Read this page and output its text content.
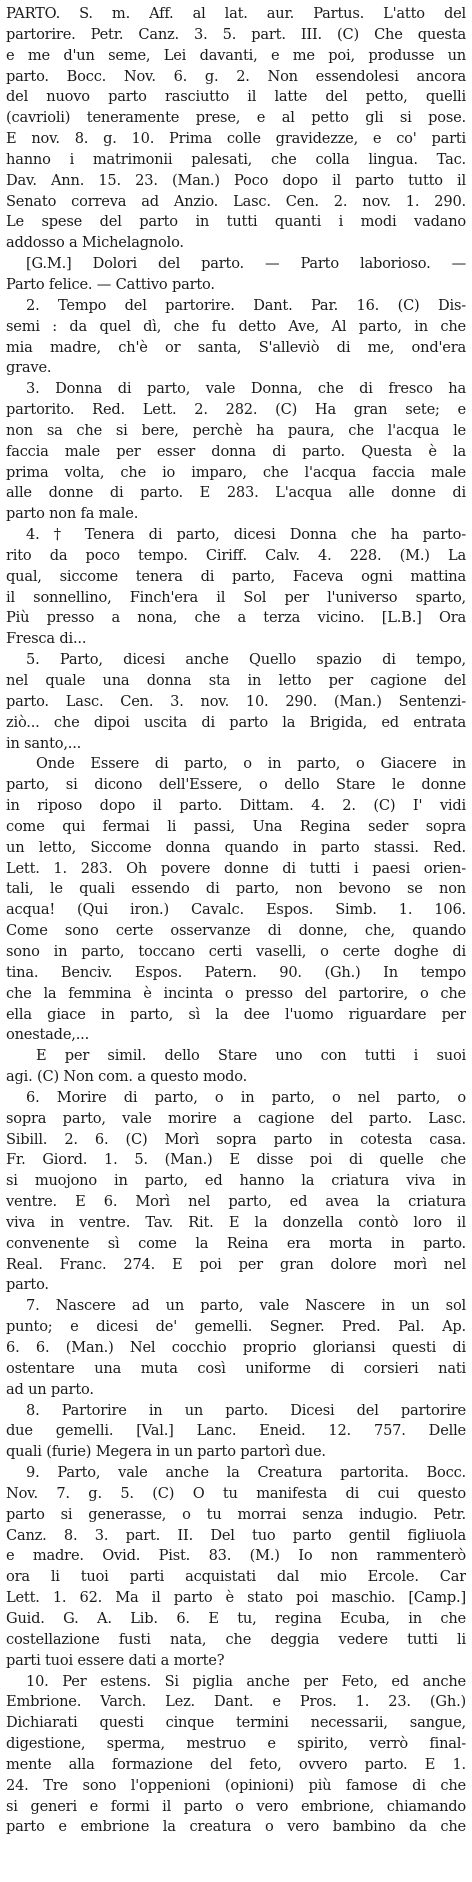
PARTO. S. m. Aff. al lat. aur. Partus. L'atto del
partorire. Petr. Canz. 3. 5. part. III. (C) Che questa
e me d'un seme, Lei davanti, e me poi, produsse un
parto. Bocc. Nov. 6. g. 2. Non essendolesi ancora
del nuovo parto rasciutto il latte del petto, quelli
(cavrioli) teneramente prese, e al petto gli si pose.
E nov. 8. g. 10. Prima colle gravidezze, e co' parti
hanno i matrimonii palesati, che colla lingua. Tac.
Dav. Ann. 15. 23. (Man.) Poco dopo il parto tutto il
Senato correva ad Anzio. Lasc. Cen. 2. nov. 1. 290.
Le spese del parto in tutti quanti i modi vadano
addosso a Michelagnolo.
[G.M.] Dolori del parto. — Parto laborioso. —
Parto felice. — Cattivo parto.
2. Tempo del partorire. Dant. Par. 16. (C) Dis-
semi : da quel dì, che fu detto Ave, Al parto, in che
mia madre, ch'è or santa, S'alleviò di me, ond'era
grave.
3. Donna di parto, vale Donna, che di fresco ha
partorito. Red. Lett. 2. 282. (C) Ha gran sete; e
non sa che si bere, perchè ha paura, che l'acqua le
faccia male per esser donna di parto. Questa è la
prima volta, che io imparo, che l'acqua faccia male
alle donne di parto. E 283. L'acqua alle donne di
parto non fa male.
4. † Tenera di parto, dicesi Donna che ha parto-
rito da poco tempo. Ciriff. Calv. 4. 228. (M.) La
qual, siccome tenera di parto, Faceva ogni mattina
il sonnellino, Finch'era il Sol per l'universo sparto,
Più presso a nona, che a terza vicino. [L.B.] Ora
Fresca di...
5. Parto, dicesi anche Quello spazio di tempo,
nel quale una donna sta in letto per cagione del
parto. Lasc. Cen. 3. nov. 10. 290. (Man.) Sentenzi-
ziò... che dipoi uscita di parto la Brigida, ed entrata
in santo,...
Onde Essere di parto, o in parto, o Giacere in
parto, si dicono dell'Essere, o dello Stare le donne
in riposo dopo il parto. Dittam. 4. 2. (C) I' vidi
come qui fermai li passi, Una Regina seder sopra
un letto, Siccome donna quando in parto stassi. Red.
Lett. 1. 283. Oh povere donne di tutti i paesi orien-
tali, le quali essendo di parto, non bevono se non
acqua! (Qui iron.) Cavalc. Espos. Simb. 1. 106.
Come sono certe osservanze di donne, che, quando
sono in parto, toccano certi vaselli, o certe doghe di
tina. Benciv. Espos. Patern. 90. (Gh.) In tempo
che la femmina è incinta o presso del partorire, o che
ella giace in parto, sì la dee l'uomo riguardare per
onestade,...
E per simil. dello Stare uno con tutti i suoi
agi. (C) Non com. a questo modo.
6. Morire di parto, o in parto, o nel parto, o
sopra parto, vale morire a cagione del parto. Lasc.
Sibill. 2. 6. (C) Morì sopra parto in cotesta casa.
Fr. Giord. 1. 5. (Man.) E disse poi di quelle che
si muojono in parto, ed hanno la criatura viva in
ventre. E 6. Morì nel parto, ed avea la criatura
viva in ventre. Tav. Rit. E la donzella contò loro il
convenente sì come la Reina era morta in parto.
Real. Franc. 274. E poi per gran dolore morì nel
parto.
7. Nascere ad un parto, vale Nascere in un sol
punto; e dicesi de' gemelli. Segner. Pred. Pal. Ap.
6. 6. (Man.) Nel cocchio proprio gloriansi questi di
ostentare una muta così uniforme di corsieri nati
ad un parto.
8. Partorire in un parto. Dicesi del partorire
due gemelli. [Val.] Lanc. Eneid. 12. 757. Delle
quali (furie) Megera in un parto partorì due.
9. Parto, vale anche la Creatura partorita. Bocc.
Nov. 7. g. 5. (C) O tu manifesta di cui questo
parto si generasse, o tu morrai senza indugio. Petr.
Canz. 8. 3. part. II. Del tuo parto gentil figliuola
e madre. Ovid. Pist. 83. (M.) Io non rammenterò
ora li tuoi parti acquistati dal mio Ercole. Car
Lett. 1. 62. Ma il parto è stato poi maschio. [Camp.]
Guid. G. A. Lib. 6. E tu, regina Ecuba, in che
costellazione fusti nata, che deggia vedere tutti li
parti tuoi essere dati a morte?
10. Per estens. Si piglia anche per Feto, ed anche
Embrione. Varch. Lez. Dant. e Pros. 1. 23. (Gh.)
Dichiarati questi cinque termini necessarii, sangue,
digestione, sperma, mestruo e spirito, verrò final-
mente alla formazione del feto, ovvero parto. E 1.
24. Tre sono l'oppenioni (opinioni) più famose di che
si generi e formi il parto o vero embrione, chiamando
parto e embrione la creatura o vero bambino da che
